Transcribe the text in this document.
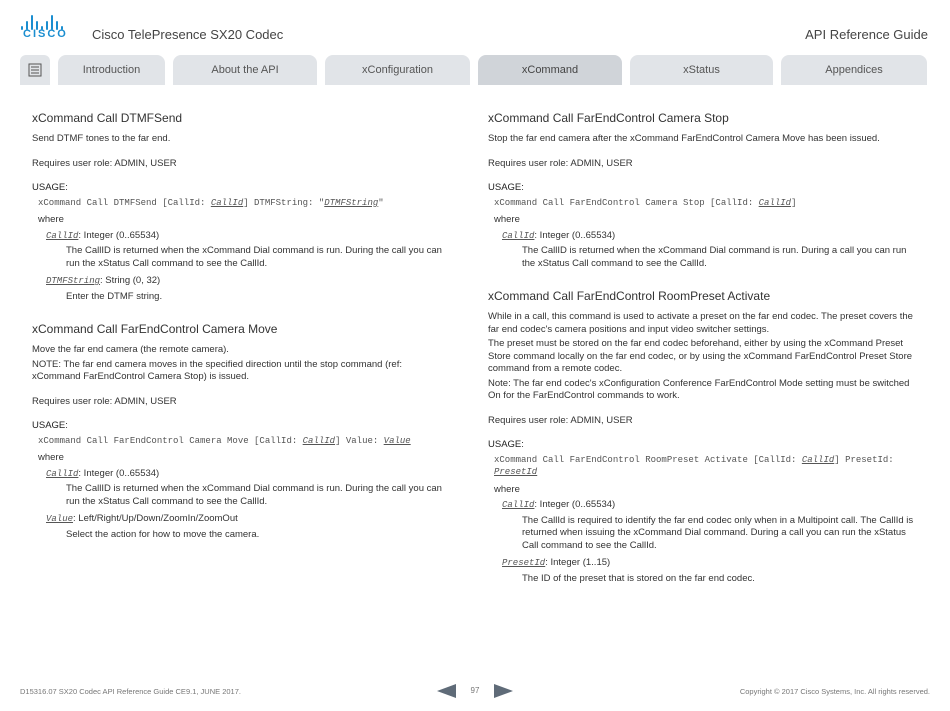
CISCO Cisco TelePresence SX20 Codec	API Reference Guide
Introduction	About the API	xConfiguration	xCommand	xStatus	Appendices
xCommand Call DTMFSend

Send DTMF tones to the far end.

Requires user role: ADMIN, USER

USAGE:

xCommand Call DTMFSend [CallId: CallId] DTMFString: "DTMFString"
where
CallId: Integer (0..65534)
The CallID is returned when the xCommand Dial command is run. During the call you can run the xStatus Call command to see the CallId.
DTMFString: String (0, 32)
Enter the DTMF string.
xCommand Call FarEndControl Camera Move

Move the far end camera (the remote camera).

NOTE: The far end camera moves in the specified direction until the stop command (ref: xCommand FarEndControl Camera Stop) is issued.

Requires user role: ADMIN, USER

USAGE:

xCommand Call FarEndControl Camera Move [CallId: CallId] Value: Value
where
CallId: Integer (0..65534)
The CallID is returned when the xCommand Dial command is run. During the call you can run the xStatus Call command to see the CallId.
Value: Left/Right/Up/Down/ZoomIn/ZoomOut
Select the action for how to move the camera.
xCommand Call FarEndControl Camera Stop

Stop the far end camera after the xCommand FarEndControl Camera Move has been issued.

Requires user role: ADMIN, USER

USAGE:

xCommand Call FarEndControl Camera Stop [CallId: CallId]
where
CallId: Integer (0..65534)
The CallID is returned when the xCommand Dial command is run. During a call you can run the xStatus Call command to see the CallId.
xCommand Call FarEndControl RoomPreset Activate

While in a call, this command is used to activate a preset on the far end codec. The preset covers the far end codec's camera positions and input video switcher settings.

The preset must be stored on the far end codec beforehand, either by using the xCommand Preset Store command locally on the far end codec, or by using the xCommand FarEndControl Preset Store command from a remote codec.

Note: The far end codec's xConfiguration Conference FarEndControl Mode setting must be switched On for the FarEndControl commands to work.

Requires user role: ADMIN, USER

USAGE:

xCommand Call FarEndControl RoomPreset Activate [CallId: CallId] PresetId:
PresetId
where
CallId: Integer (0..65534)
The CallId is required to identify the far end codec only when in a Multipoint call. The CallId is returned when issuing the xCommand Dial command. During a call you can run the xStatus Call command to see the CallId.
PresetId: Integer (1..15)
The ID of the preset that is stored on the far end codec.
D15316.07 SX20 Codec API Reference Guide CE9.1, JUNE 2017.	97	Copyright © 2017 Cisco Systems, Inc. All rights reserved.
